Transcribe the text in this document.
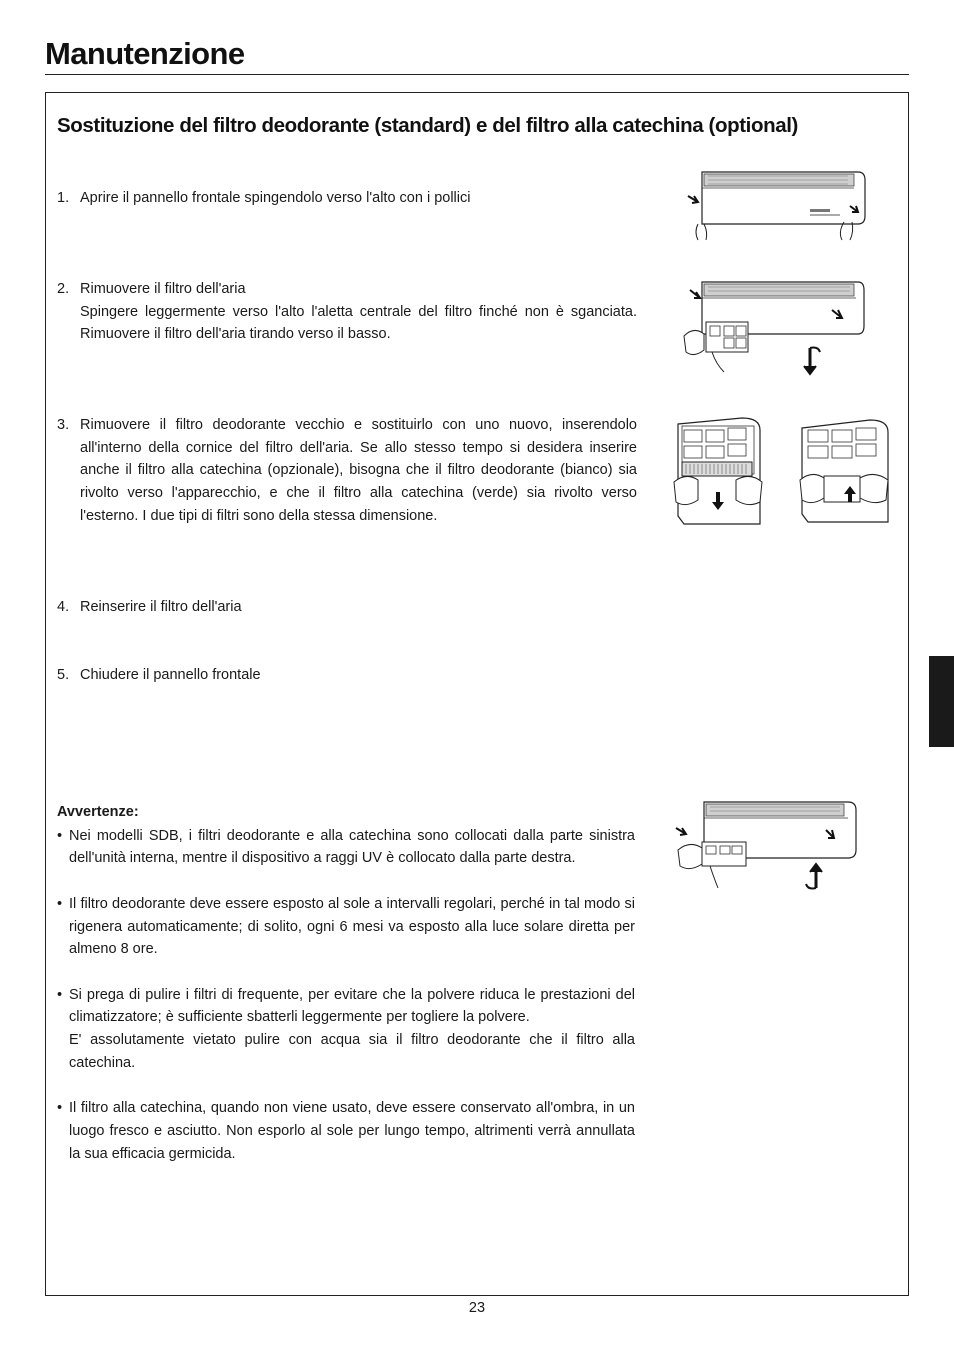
Manutenzione
Sostituzione del filtro deodorante (standard) e del filtro alla catechina (optional)
1. Aprire il pannello frontale spingendolo verso l'alto con i pollici
2. Rimuovere il filtro dell'aria
Spingere leggermente verso l'alto l'aletta centrale del filtro finché non è sganciata. Rimuovere il filtro dell'aria tirando verso il basso.
3. Rimuovere il filtro deodorante vecchio e sostituirlo con uno nuovo, inserendolo all'interno della cornice del filtro dell'aria. Se allo stesso tempo si desidera inserire anche il filtro alla catechina (opzionale), bisogna che il filtro deodorante (bianco) sia rivolto verso l'apparecchio, e che il filtro alla catechina (verde) sia rivolto verso l'esterno. I due tipi di filtri sono della stessa dimensione.
4. Reinserire il filtro dell'aria
5. Chiudere il pannello frontale
Avvertenze:
• Nei modelli SDB, i filtri deodorante e alla catechina sono collocati dalla parte sinistra dell'unità interna, mentre il dispositivo a raggi UV è collocato dalla parte destra.
• Il filtro deodorante deve essere esposto al sole a intervalli regolari, perché in tal modo si rigenera automaticamente; di solito, ogni 6 mesi va esposto alla luce solare diretta per almeno 8 ore.
• Si prega di pulire i filtri di frequente, per evitare che la polvere riduca le prestazioni del climatizzatore; è sufficiente sbatterli leggermente per togliere la polvere.
E' assolutamente vietato pulire con acqua sia il filtro deodorante che il filtro alla catechina.
• Il filtro alla catechina, quando non viene usato, deve essere conservato all'ombra, in un luogo fresco e asciutto. Non esporlo al sole per lungo tempo, altrimenti verrà annullata la sua efficacia germicida.
23
